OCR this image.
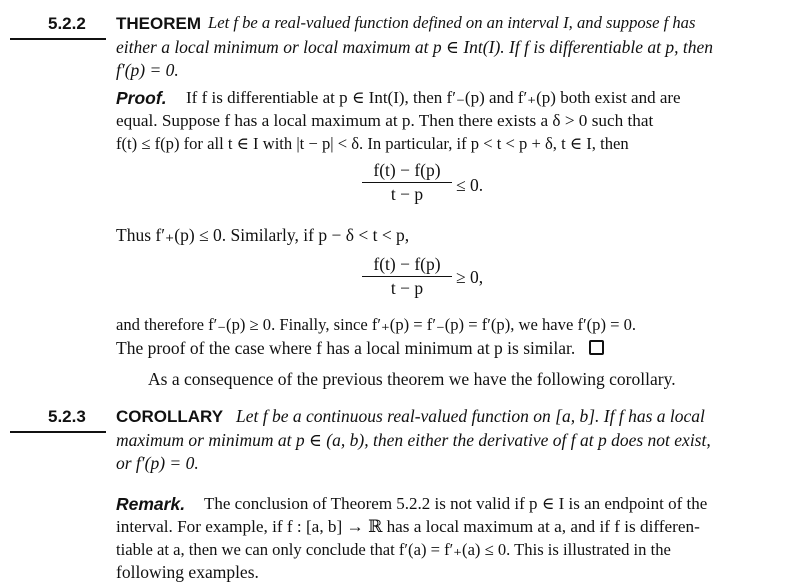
5.2.2 THEOREM Let f be a real-valued function defined on an interval I, and suppose f has
either a local minimum or local maximum at p ∈ Int(I). If f is differentiable at p, then
f′(p) = 0.
Proof. If f is differentiable at p ∈ Int(I), then f′₋(p) and f′₊(p) both exist and are
equal. Suppose f has a local maximum at p. Then there exists a δ > 0 such that
f(t) ≤ f(p) for all t ∈ I with |t − p| < δ. In particular, if p < t < p + δ, t ∈ I, then
f(t) − f(p)
t − p	≤ 0.
Thus f′₊(p) ≤ 0. Similarly, if p − δ < t < p,
f(t) − f(p)
t − p
≥ 0,
and therefore f′₋(p) ≥ 0. Finally, since f′₊(p) = f′₋(p) = f′(p), we have f′(p) = 0.
The proof of the case where f has a local minimum at p is similar.
As a consequence of the previous theorem we have the following corollary.
5.2.3 COROLLARY Let f be a continuous real-valued function on [a, b]. If f has a local
maximum or minimum at p ∈ (a, b), then either the derivative of f at p does not exist,
or f′(p) = 0.
Remark. The conclusion of Theorem 5.2.2 is not valid if p ∈ I is an endpoint of the
interval. For example, if f : [a, b] → ℝ has a local maximum at a, and if f is differen-
tiable at a, then we can only conclude that f′(a) = f′₊(a) ≤ 0. This is illustrated in the
following examples.
